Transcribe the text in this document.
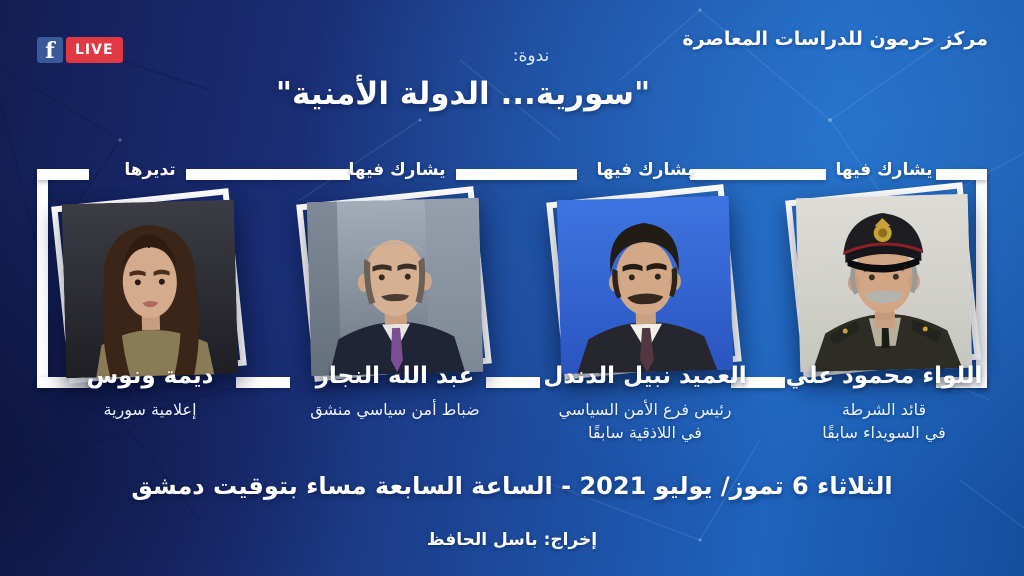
f	LIVE	مركز حرمون للدراسات المعاصرة
ندوة:
"سورية... الدولة الأمنية"
يشارك فيها
يشارك فيها
يشارك فيها
تديرها
اللواء محمود علي
قائد الشرطة
في السويداء سابقًا
العميد نبيل الدندل
رئيس فرع الأمن السياسي
في اللاذقية سابقًا
عبد الله النجار
ضباط أمن سياسي منشق
ديمة ونوس
إعلامية سورية
الثلاثاء 6 تموز/ يوليو 2021 - الساعة السابعة مساء بتوقيت دمشق
إخراج: باسل الحافظ
